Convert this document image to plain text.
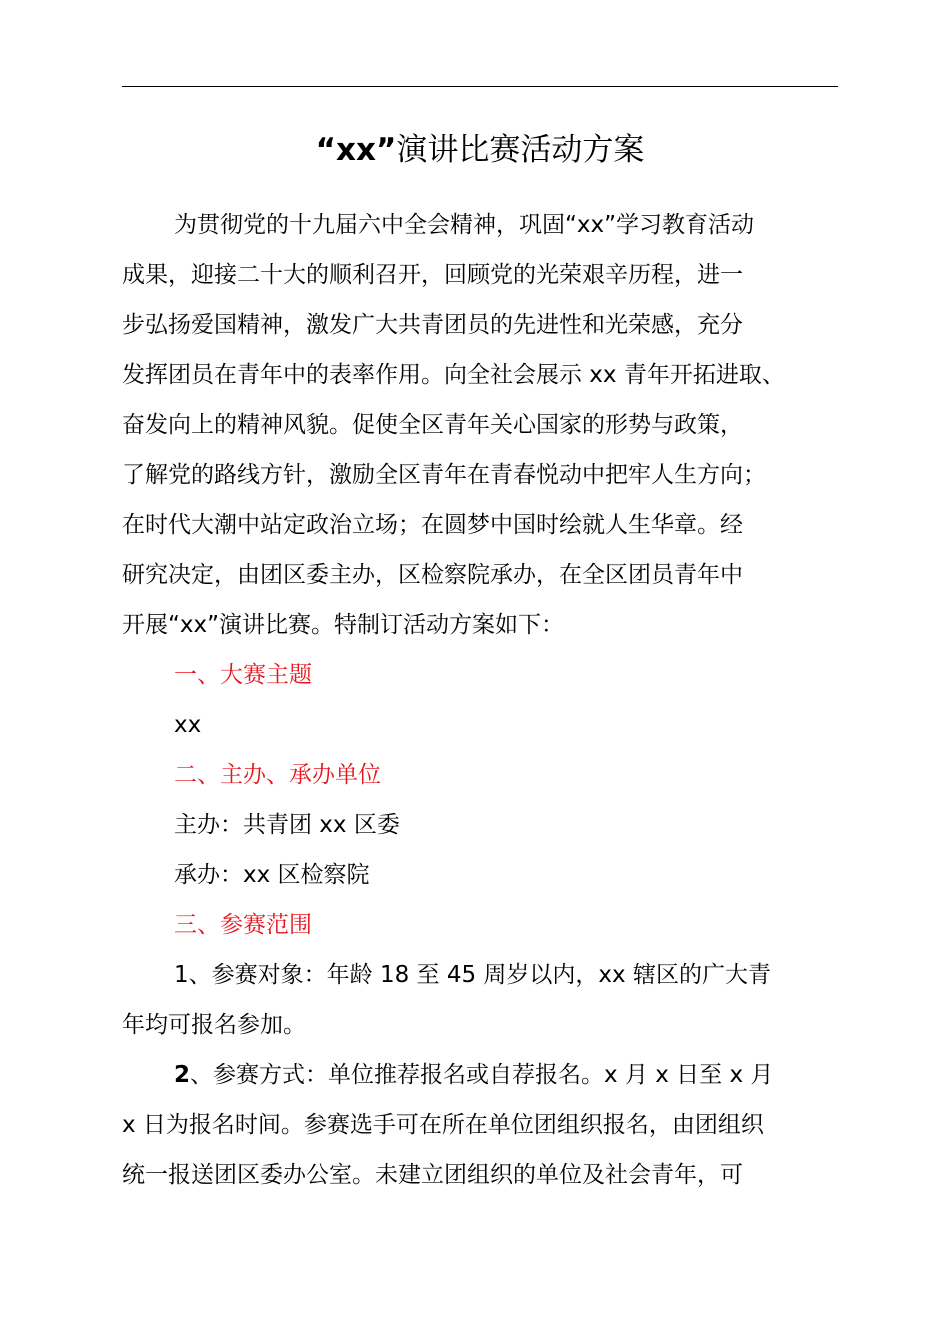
“xx”演讲比赛活动方案
为贯彻党的十九届六中全会精神，巩固“xx”学习教育活动
成果，迎接二十大的顺利召开，回顾党的光荣艰辛历程，进一
步弘扬爱国精神，激发广大共青团员的先进性和光荣感，充分
发挥团员在青年中的表率作用。向全社会展示 xx 青年开拓进取、
奋发向上的精神风貌。促使全区青年关心国家的形势与政策，
了解党的路线方针，激励全区青年在青春悦动中把牢人生方向；
在时代大潮中站定政治立场；在圆梦中国时绘就人生华章。经
研究决定，由团区委主办，区检察院承办，在全区团员青年中
开展“xx”演讲比赛。特制订活动方案如下：
一、大赛主题
xx
二、主办、承办单位
主办：共青团 xx 区委
承办：xx 区检察院
三、参赛范围
1、参赛对象：年龄 18 至 45 周岁以内，xx 辖区的广大青
年均可报名参加。
2、参赛方式：单位推荐报名或自荐报名。x 月 x 日至 x 月
x 日为报名时间。参赛选手可在所在单位团组织报名，由团组织
统一报送团区委办公室。未建立团组织的单位及社会青年，可
